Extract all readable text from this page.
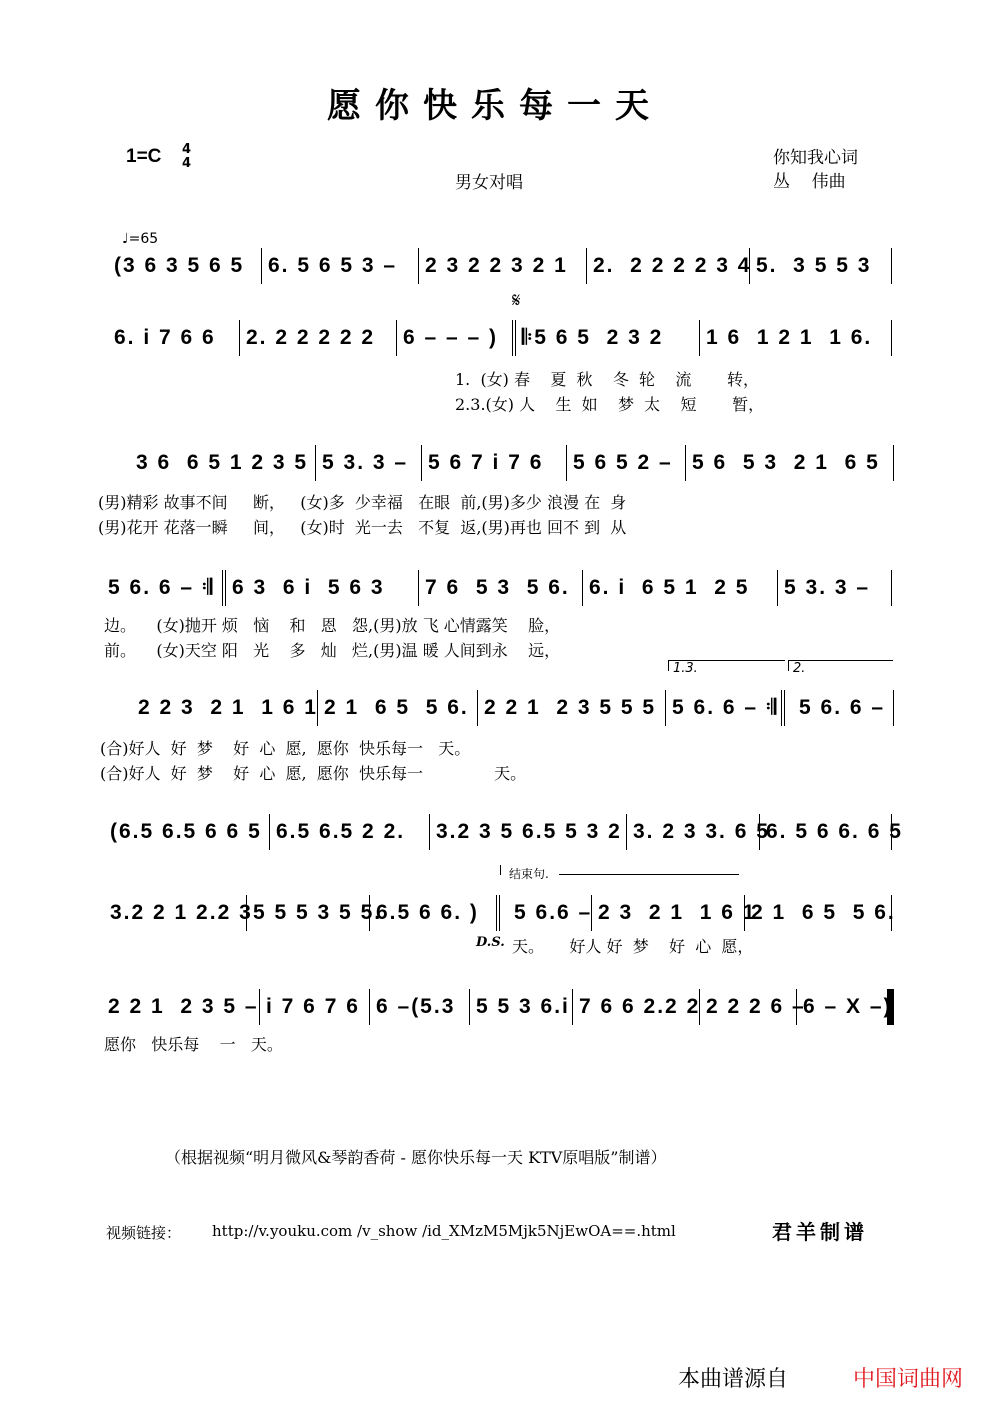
愿你快乐每一天
1=C 4
4
男女对唱
你知我心词
丛    伟曲
♩=65
𝄋
(3 6 3 5 6 5	6. 5 6 5 3 –	2 3 2 2 3 2 1	2.  2 2 2 2 3 4 5.  3 5 5 3
6. i 7 6 6	2. 2 2 2 2 2	6 – – – )	𝄆5 6 5  2 3 2	1 6  1 2 1  1 6.
1.  (女) 春    夏  秋    冬  轮    流       转，
2.3.(女) 人    生  如    梦  太    短       暂，
3 6  6 5 1 2 3 5 5 3. 3 – 5 6 7 i 7 6	5 6 5 2 – 5 6  5 3  2 1  6 5
(男)精彩 故事不间     断，   (女)多  少幸福   在眼  前,(男)多少 浪漫 在  身
(男)花开 花落一瞬     间，   (女)时  光一去   不复  返,(男)再也 回不 到  从
5 6. 6 – 𝄇 6 3  6 i  5 6 3	7 6  5 3  5 6. 6. i  6 5 1  2 5	5 3. 3 –
边。    (女)抛开 烦   恼    和   恩   怨,(男)放 飞 心情露笑    脸，
前。    (女)天空 阳   光    多   灿   烂,(男)温 暖 人间到永    远，
1.3.	2.
2 2 3  2 1  1 6 1 2 1  6 5  5 6. 2 2 1  2 3 5 5 5 5 6. 6 – 𝄇 5 6. 6 –
(合)好人  好  梦    好  心  愿,  愿你  快乐每一   天。
(合)好人  好  梦    好  心  愿,  愿你  快乐每一              天。
(6.5 6.5 6 6 5 6.5 6.5 2 2.	3.2 3 5 6.5 5 3 2 3. 2 3 3. 6 5
6. 5 6 6. 6 5
结束句.
3.2 2 1 2.2 3 5 5 5 3 5 5.
6.5 6 6. )	5 6.6 – 2 3  2 1  1 6 1
2 1  6 5  5 6.
D.S. 天。     好人 好  梦    好  心  愿，
2 2 1  2 3 5 – i 7 6 7 6 6 –(5.3 5 5 3 6.i 7 6 6 2.2 2 2 2 2 6 –
6 – X –)
愿你   快乐每    一   天。
（根据视频“明月微风&琴韵香荷 - 愿你快乐每一天 KTV原唱版”制谱）
视频链接： http://v.youku.com /v_show /id_XMzM5Mjk5NjEwOA==.html	君羊制谱
本曲谱源自	中国词曲网
